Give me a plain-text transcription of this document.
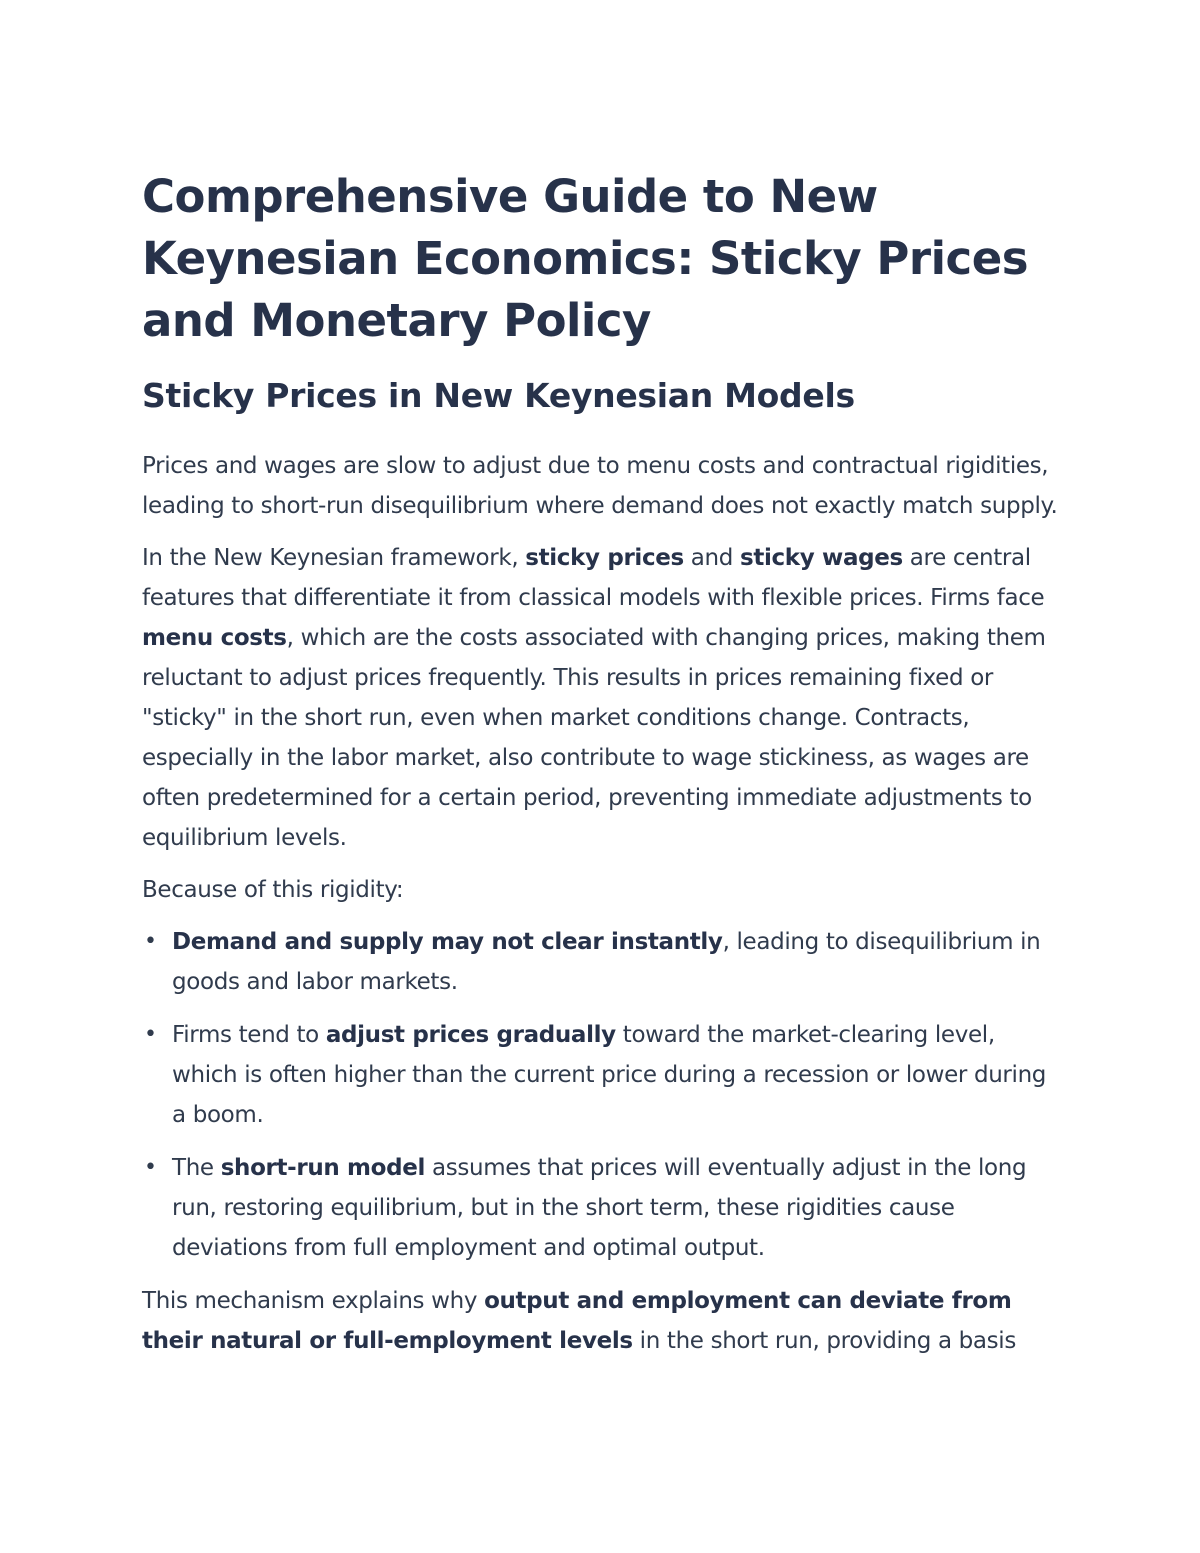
Comprehensive Guide to New Keynesian Economics: Sticky Prices and Monetary Policy
Sticky Prices in New Keynesian Models

Prices and wages are slow to adjust due to menu costs and contractual rigidities, leading to short-run disequilibrium where demand does not exactly match supply.

In the New Keynesian framework, sticky prices and sticky wages are central features that differentiate it from classical models with flexible prices. Firms face menu costs, which are the costs associated with changing prices, making them reluctant to adjust prices frequently. This results in prices remaining fixed or "sticky" in the short run, even when market conditions change. Contracts, especially in the labor market, also contribute to wage stickiness, as wages are often predetermined for a certain period, preventing immediate adjustments to equilibrium levels.

Because of this rigidity:

• Demand and supply may not clear instantly, leading to disequilibrium in goods and labor markets.
• Firms tend to adjust prices gradually toward the market-clearing level, which is often higher than the current price during a recession or lower during a boom.
• The short-run model assumes that prices will eventually adjust in the long run, restoring equilibrium, but in the short term, these rigidities cause deviations from full employment and optimal output.

This mechanism explains why output and employment can deviate from their natural or full-employment levels in the short run, providing a basis
